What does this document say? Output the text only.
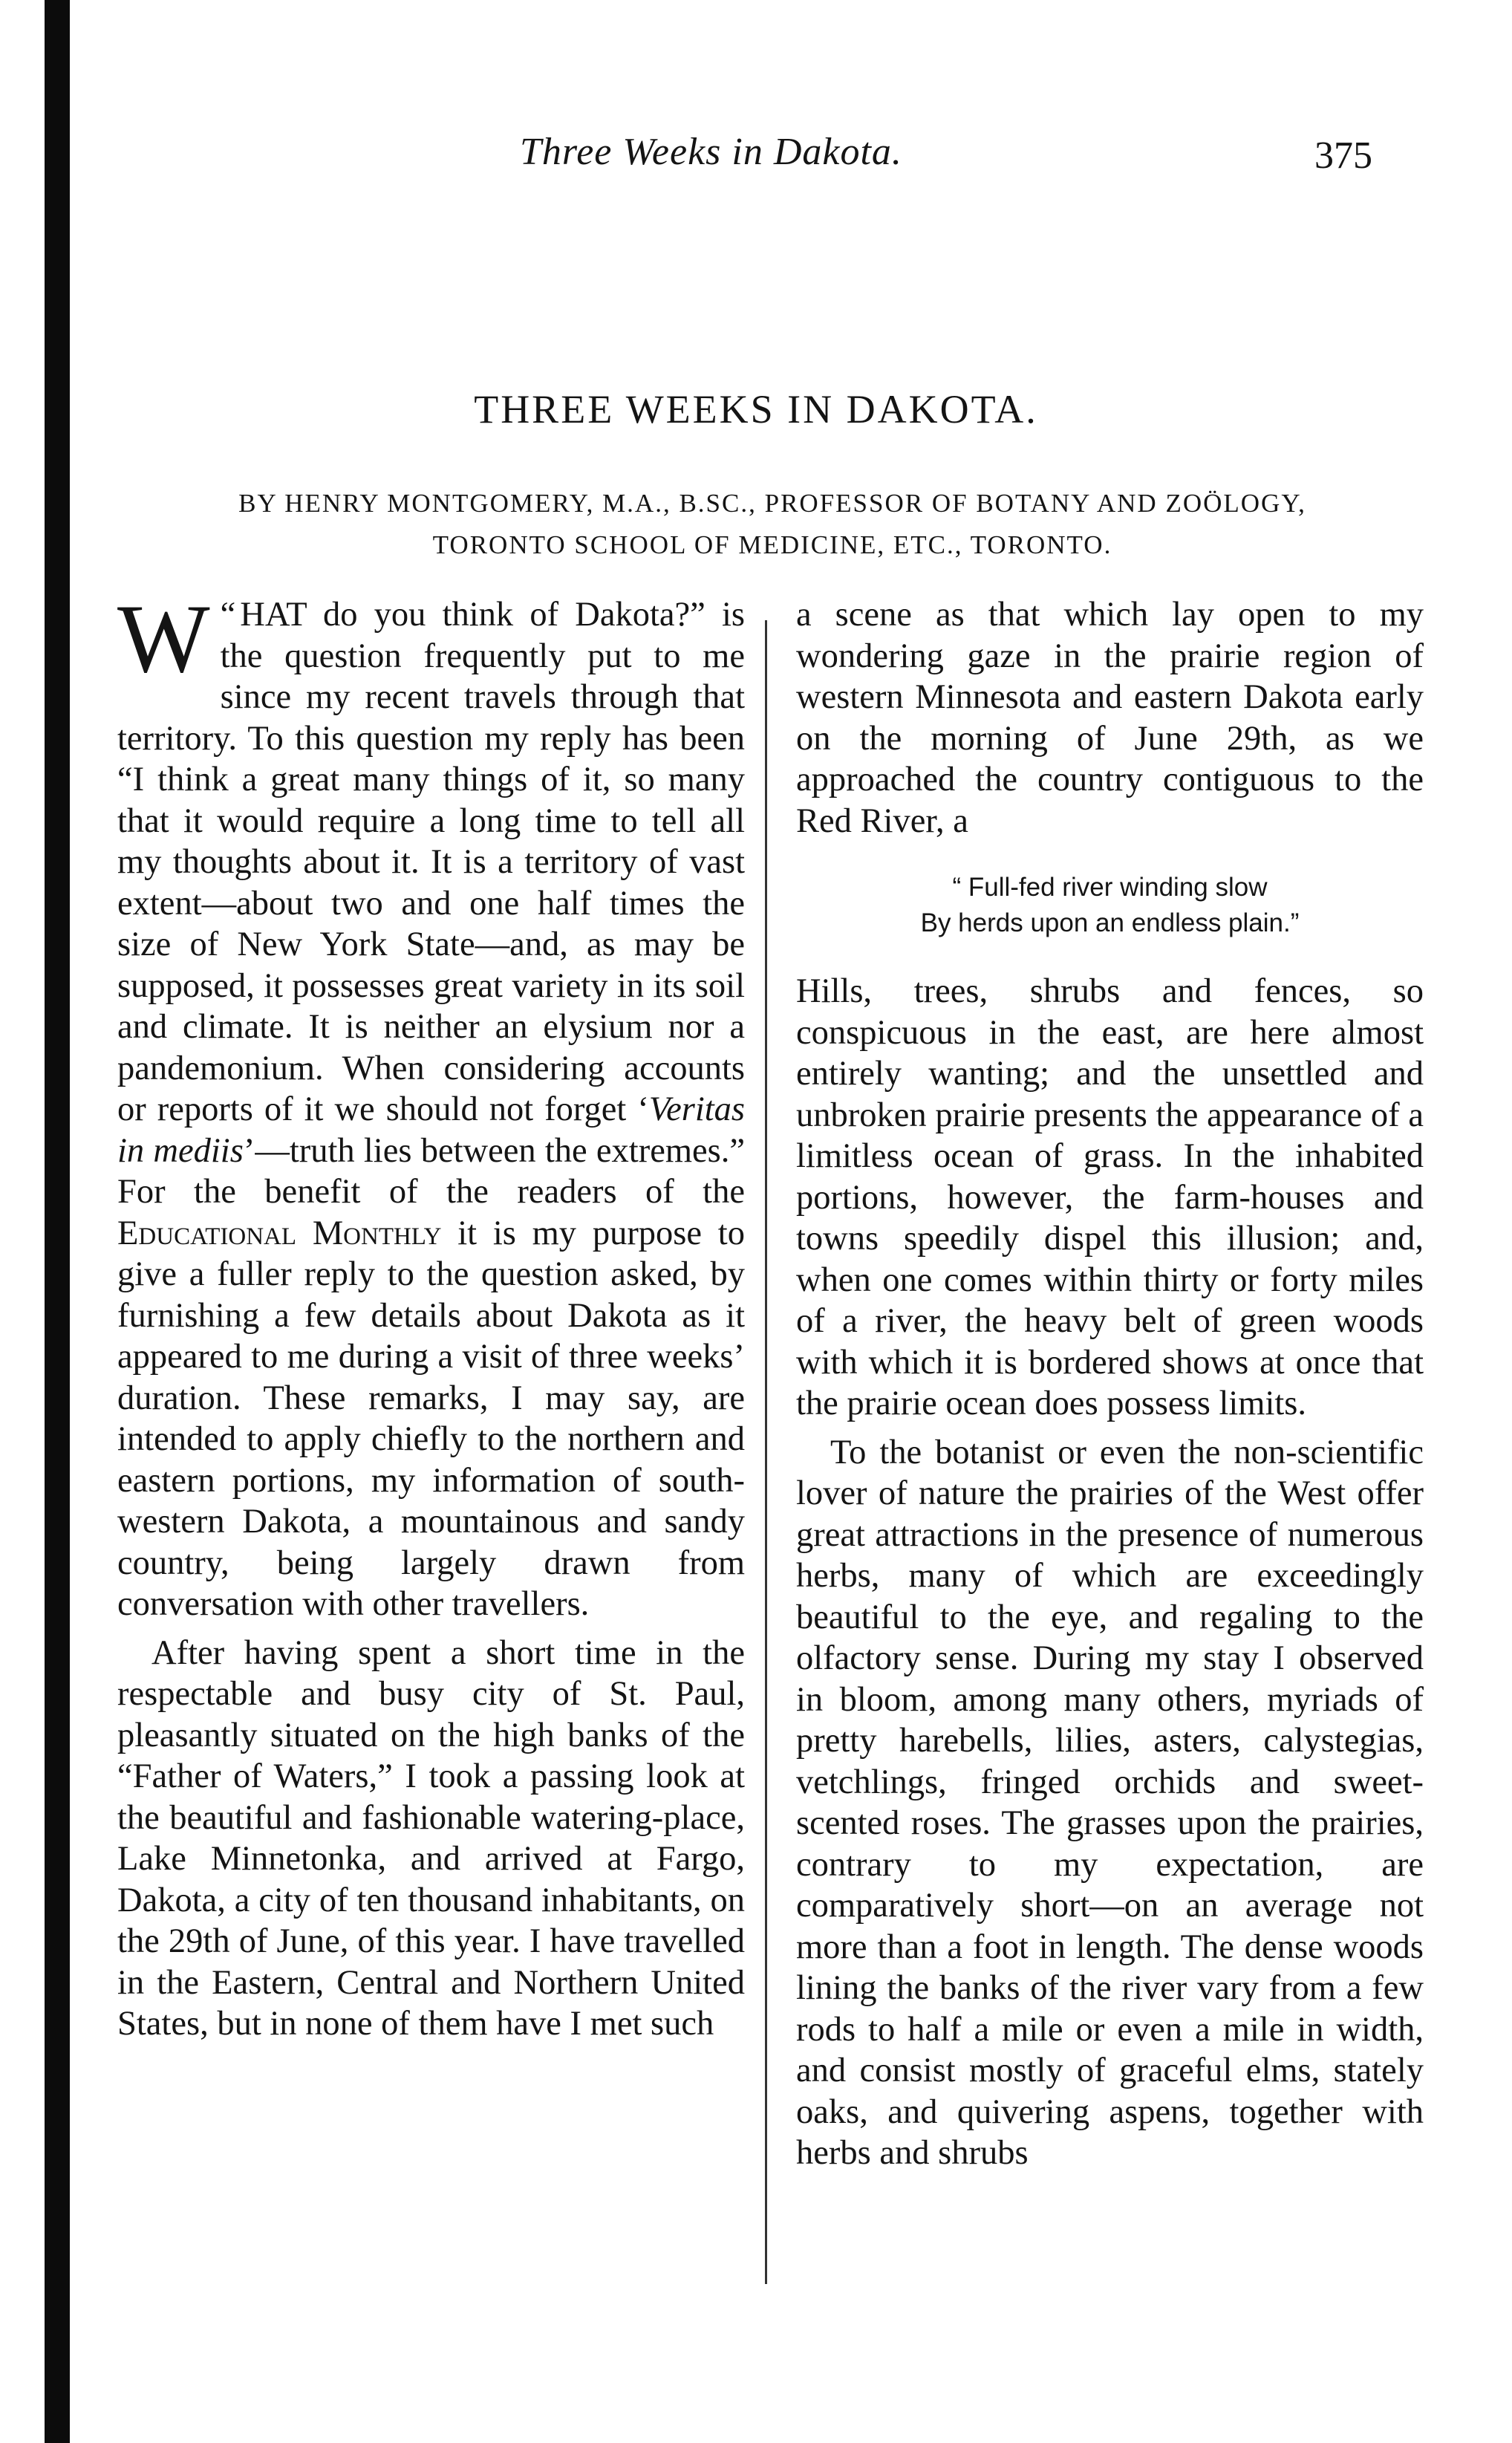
Three Weeks in Dakota.	375
THREE WEEKS IN DAKOTA.
BY HENRY MONTGOMERY, M.A., B.SC., PROFESSOR OF BOTANY AND ZOÖLOGY,
TORONTO SCHOOL OF MEDICINE, ETC., TORONTO.

“
W HAT do you think of Dakota?” is the question frequently put to me since my recent travels through that territory. To this question my reply has been “I think a great many things of it, so many that it would require a long time to tell all my thoughts about it. It is a territory of vast extent—about two and one half times the size of New York State—and, as may be supposed, it possesses great variety in its soil and climate. It is neither an elysium nor a pandemonium. When considering accounts or reports of it we should not forget ‘Veritas in mediis’—truth lies between the extremes.” For the benefit of the readers of the Educational Monthly it is my purpose to give a fuller reply to the question asked, by furnishing a few details about Dakota as it appeared to me during a visit of three weeks’ duration. These remarks, I may say, are intended to apply chiefly to the northern and eastern portions, my information of south-western Dakota, a mountainous and sandy country, being largely drawn from conversation with other travellers.

After having spent a short time in the respectable and busy city of St. Paul, pleasantly situated on the high banks of the “Father of Waters,” I took a passing look at the beautiful and fashionable watering-place, Lake Minnetonka, and arrived at Fargo, Dakota, a city of ten thousand inhabitants, on the 29th of June, of this year. I have travelled in the Eastern, Central and Northern United States, but in none of them have I met such

a scene as that which lay open to my wondering gaze in the prairie region of western Minnesota and eastern Dakota early on the morning of June 29th, as we approached the country contiguous to the Red River, a

“ Full-fed river winding slow
By herds upon an endless plain.”

Hills, trees, shrubs and fences, so conspicuous in the east, are here almost entirely wanting; and the unsettled and unbroken prairie presents the appearance of a limitless ocean of grass. In the inhabited portions, however, the farm-houses and towns speedily dispel this illusion; and, when one comes within thirty or forty miles of a river, the heavy belt of green woods with which it is bordered shows at once that the prairie ocean does possess limits.

To the botanist or even the non-scientific lover of nature the prairies of the West offer great attractions in the presence of numerous herbs, many of which are exceedingly beautiful to the eye, and regaling to the olfactory sense. During my stay I observed in bloom, among many others, myriads of pretty harebells, lilies, asters, calystegias, vetchlings, fringed orchids and sweet-scented roses. The grasses upon the prairies, contrary to my expectation, are comparatively short—on an average not more than a foot in length. The dense woods lining the banks of the river vary from a few rods to half a mile or even a mile in width, and consist mostly of graceful elms, stately oaks, and quivering aspens, together with herbs and shrubs
